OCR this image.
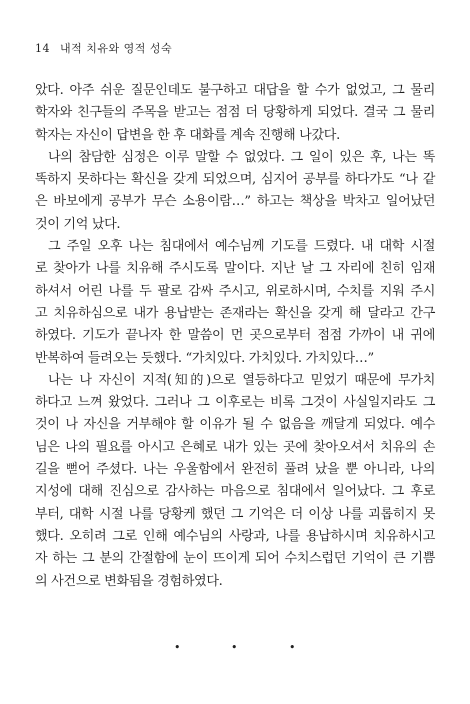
14 내적 치유와 영적 성숙
았다. 아주 쉬운 질문인데도 불구하고 대답을 할 수가 없었고, 그 물리
학자와 친구들의 주목을 받고는 점점 더 당황하게 되었다. 결국 그 물리
학자는 자신이 답변을 한 후 대화를 계속 진행해 나갔다.
나의 참담한 심정은 이루 말할 수 없었다. 그 일이 있은 후, 나는 똑
똑하지 못하다는 확신을 갖게 되었으며, 심지어 공부를 하다가도 “나 같
은 바보에게 공부가 무슨 소용이람…” 하고는 책상을 박차고 일어났던
것이 기억 났다.
그 주일 오후 나는 침대에서 예수님께 기도를 드렸다. 내 대학 시절
로 찾아가 나를 치유해 주시도록 말이다. 지난 날 그 자리에 친히 임재
하셔서 어린 나를 두 팔로 감싸 주시고, 위로하시며, 수치를 지워 주시
고 치유하심으로 내가 용납받는 존재라는 확신을 갖게 해 달라고 간구
하였다. 기도가 끝나자 한 말씀이 먼 곳으로부터 점점 가까이 내 귀에
반복하여 들려오는 듯했다. “가치있다. 가치있다. 가치있다…”
나는 나 자신이 지적(知的)으로 열등하다고 믿었기 때문에 무가치
하다고 느껴 왔었다. 그러나 그 이후로는 비록 그것이 사실일지라도 그
것이 나 자신을 거부해야 할 이유가 될 수 없음을 깨달게 되었다. 예수
님은 나의 필요를 아시고 은혜로 내가 있는 곳에 찾아오셔서 치유의 손
길을 뻗어 주셨다. 나는 우울함에서 완전히 풀려 났을 뿐 아니라, 나의
지성에 대해 진심으로 감사하는 마음으로 침대에서 일어났다. 그 후로
부터, 대학 시절 나를 당황케 했던 그 기억은 더 이상 나를 괴롭히지 못
했다. 오히려 그로 인해 예수님의 사랑과, 나를 용납하시며 치유하시고
자 하는 그 분의 간절함에 눈이 뜨이게 되어 수치스럽던 기억이 큰 기쁨
의 사건으로 변화됨을 경험하였다.
•	•	•
